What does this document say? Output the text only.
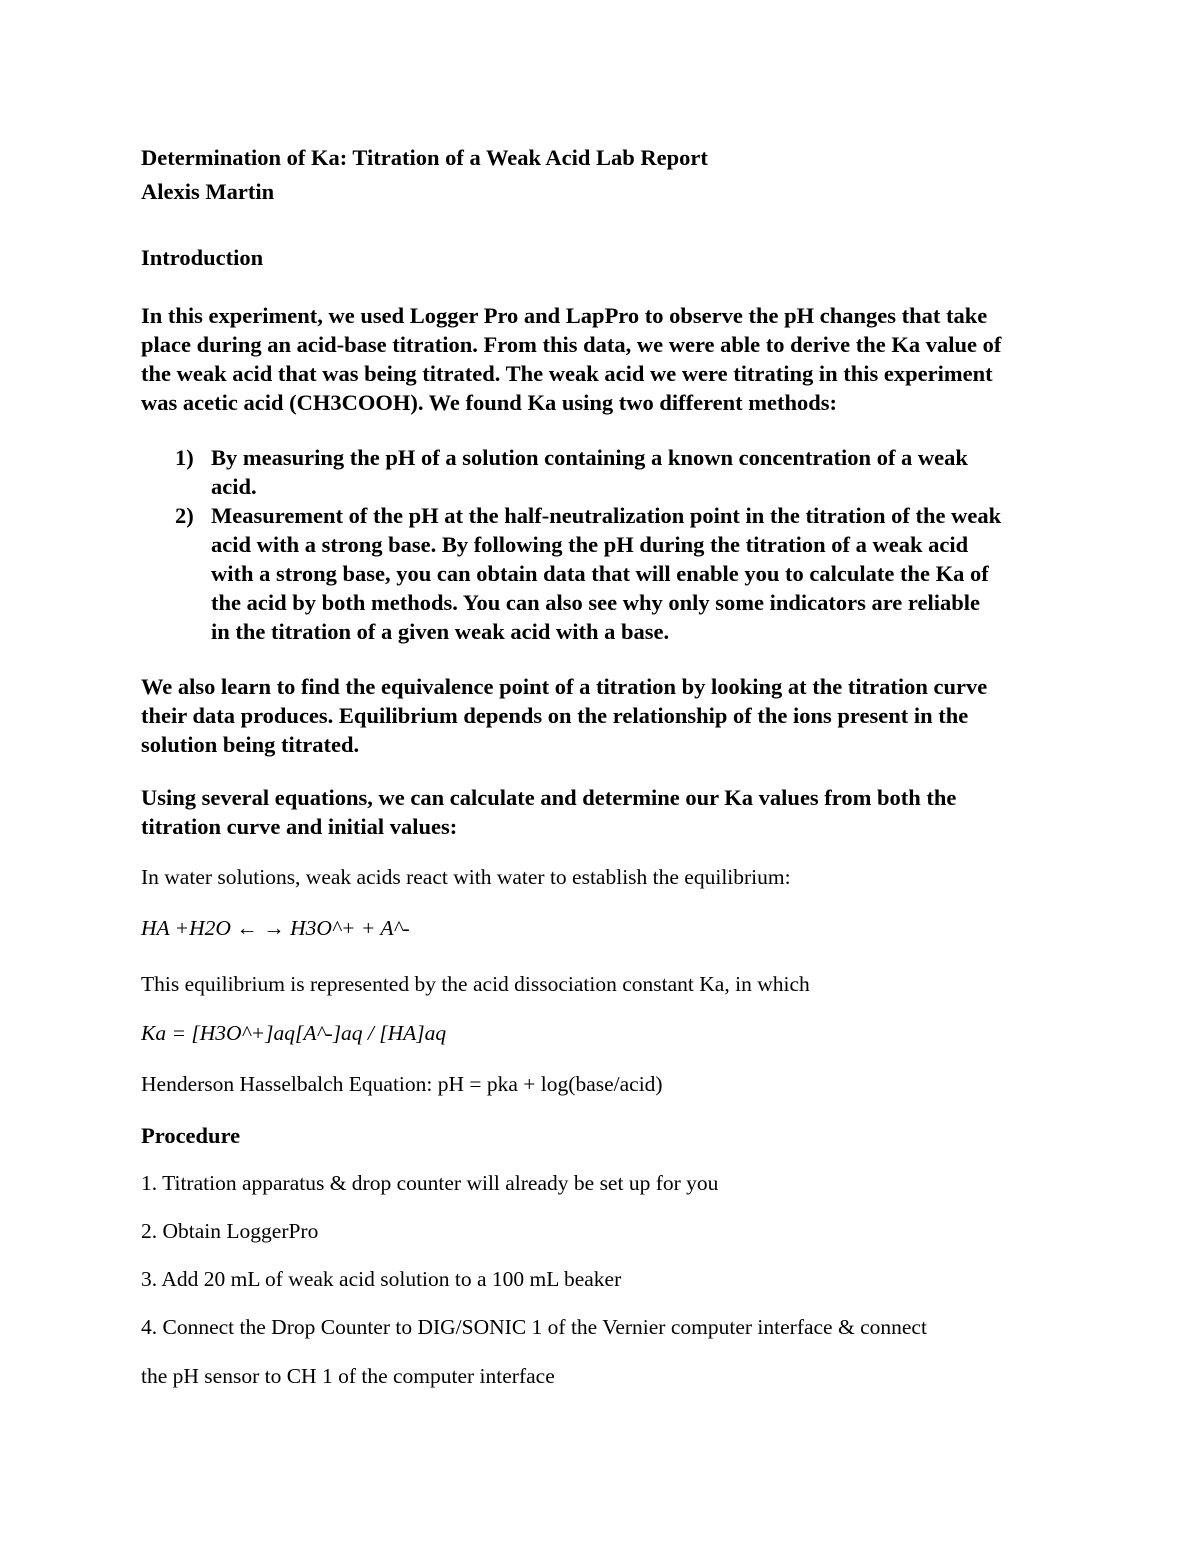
Determination of Ka: Titration of a Weak Acid Lab Report

Alexis Martin

Introduction

In this experiment, we used Logger Pro and LapPro to observe the pH changes that take
place during an acid-base titration. From this data, we were able to derive the Ka value of
the weak acid that was being titrated. The weak acid we were titrating in this experiment
was acetic acid (CH3COOH). We found Ka using two different methods:
1) By measuring the pH of a solution containing a known concentration of a weak
acid.
2) Measurement of the pH at the half-neutralization point in the titration of the weak
acid with a strong base. By following the pH during the titration of a weak acid
with a strong base, you can obtain data that will enable you to calculate the Ka of
the acid by both methods. You can also see why only some indicators are reliable
in the titration of a given weak acid with a base.
We also learn to find the equivalence point of a titration by looking at the titration curve
their data produces. Equilibrium depends on the relationship of the ions present in the
solution being titrated.
Using several equations, we can calculate and determine our Ka values from both the
titration curve and initial values:

In water solutions, weak acids react with water to establish the equilibrium:

HA +H2O ← → H3O^+ + A^-

This equilibrium is represented by the acid dissociation constant Ka, in which

Ka = [H3O^+]aq[A^-]aq / [HA]aq

Henderson Hasselbalch Equation: pH = pka + log(base/acid)

Procedure

1. Titration apparatus & drop counter will already be set up for you

2. Obtain LoggerPro

3. Add 20 mL of weak acid solution to a 100 mL beaker

4. Connect the Drop Counter to DIG/SONIC 1 of the Vernier computer interface & connect

the pH sensor to CH 1 of the computer interface
